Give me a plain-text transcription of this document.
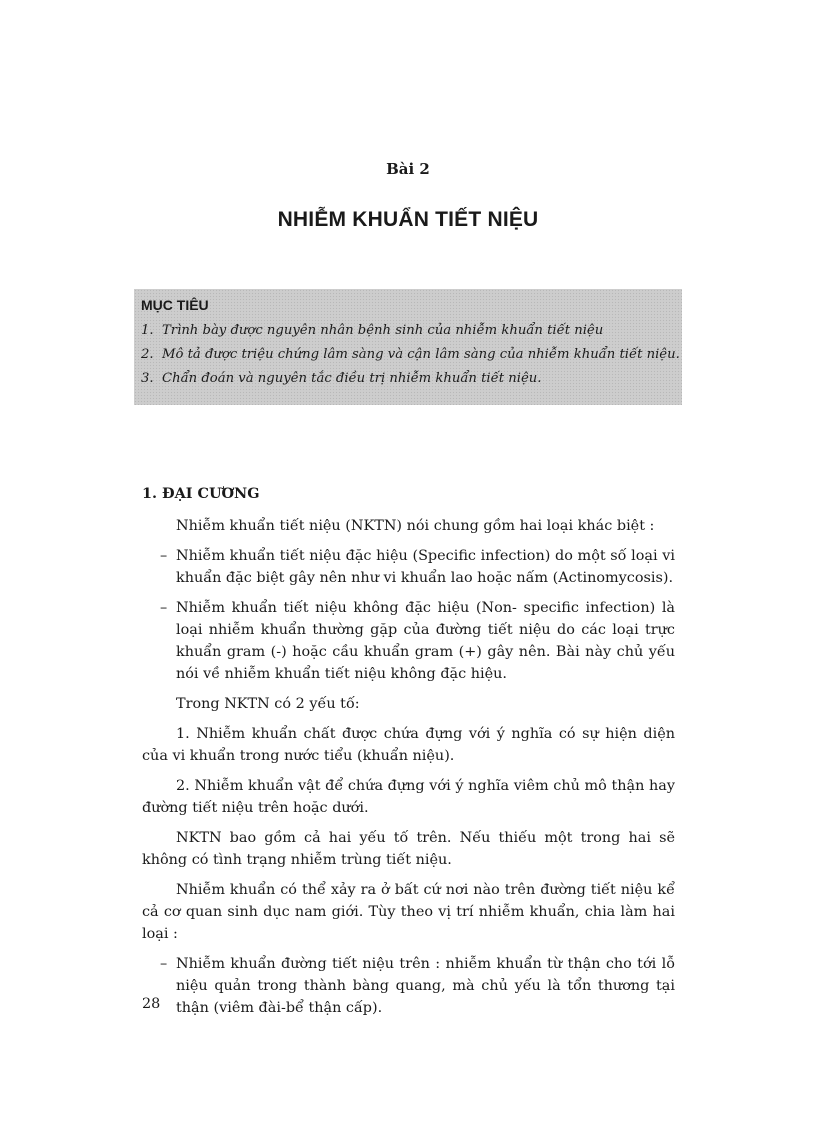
Bài 2
NHIỄM KHUẨN TIẾT NIỆU
MỤC TIÊU
1. Trình bày được nguyên nhân bệnh sinh của nhiễm khuẩn tiết niệu
2. Mô tả được triệu chứng lâm sàng và cận lâm sàng của nhiễm khuẩn tiết niệu.
3. Chẩn đoán và nguyên tắc điều trị nhiễm khuẩn tiết niệu.
1. ĐẠI CƯƠNG

Nhiễm khuẩn tiết niệu (NKTN) nói chung gồm hai loại khác biệt :

– Nhiễm khuẩn tiết niệu đặc hiệu (Specific infection) do một số loại vi khuẩn đặc biệt gây nên như vi khuẩn lao hoặc nấm (Actinomycosis).
– Nhiễm khuẩn tiết niệu không đặc hiệu (Non- specific infection) là loại nhiễm khuẩn thường gặp của đường tiết niệu do các loại trực khuẩn gram (-) hoặc cầu khuẩn gram (+) gây nên. Bài này chủ yếu nói về nhiễm khuẩn tiết niệu không đặc hiệu.

Trong NKTN có 2 yếu tố:

1. Nhiễm khuẩn chất được chứa đựng với ý nghĩa có sự hiện diện của vi khuẩn trong nước tiểu (khuẩn niệu).

2. Nhiễm khuẩn vật để chứa đựng với ý nghĩa viêm chủ mô thận hay đường tiết niệu trên hoặc dưới.

NKTN bao gồm cả hai yếu tố trên. Nếu thiếu một trong hai sẽ không có tình trạng nhiễm trùng tiết niệu.

Nhiễm khuẩn có thể xảy ra ở bất cứ nơi nào trên đường tiết niệu kể cả cơ quan sinh dục nam giới. Tùy theo vị trí nhiễm khuẩn, chia làm hai loại :

– Nhiễm khuẩn đường tiết niệu trên : nhiễm khuẩn từ thận cho tới lỗ niệu quản trong thành bàng quang, mà chủ yếu là tổn thương tại thận (viêm đài-bể thận cấp).
28
